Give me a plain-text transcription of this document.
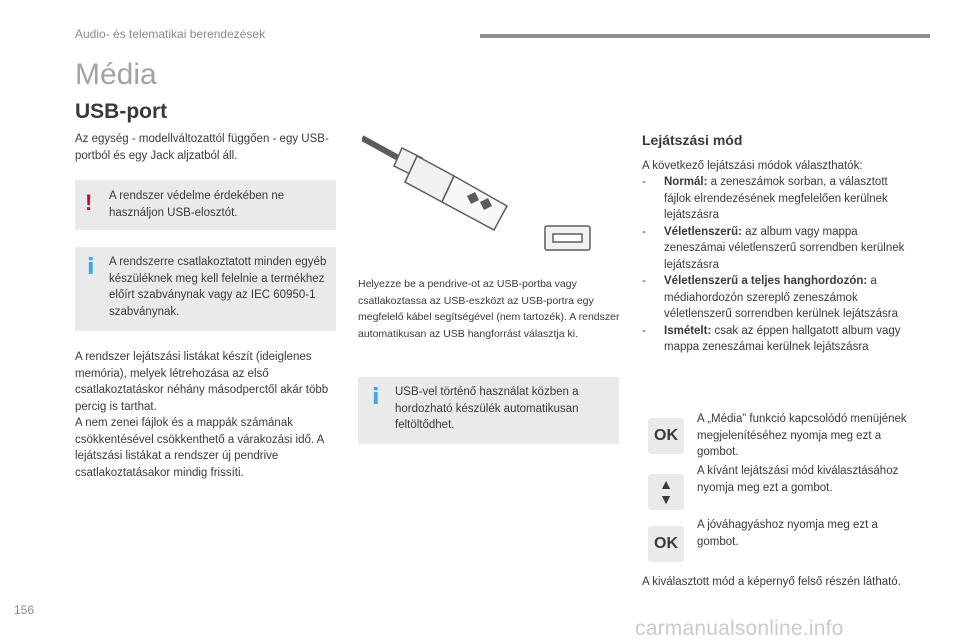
Audio- és telematikai berendezések
Média
USB-port
Az egység - modellváltozattól függően - egy USB-portból és egy Jack aljzatból áll.
! A rendszer védelme érdekében ne használjon USB-elosztót.
i A rendszerre csatlakoztatott minden egyéb készüléknek meg kell felelnie a termékhez előírt szabványnak vagy az IEC 60950-1 szabványnak.
A rendszer lejátszási listákat készít (ideiglenes memória), melyek létrehozása az első csatlakoztatáskor néhány másodperctől akár több percig is tarthat.
A nem zenei fájlok és a mappák számának csökkentésével csökkenthető a várakozási idő. A lejátszási listákat a rendszer új pendrive csatlakoztatásakor mindig frissíti.
Helyezze be a pendrive-ot az USB-portba vagy csatlakoztassa az USB-eszközt az USB-portra egy megfelelő kábel segítségével (nem tartozék). A rendszer automatikusan az USB hangforrást választja ki.
i USB-vel történő használat közben a hordozható készülék automatikusan feltöltődhet.
Lejátszási mód
A következő lejátszási módok választhatók:
- Normál: a zeneszámok sorban, a választott fájlok elrendezésének megfelelően kerülnek lejátszásra
- Véletlenszerű: az album vagy mappa zeneszámai véletlenszerű sorrendben kerülnek lejátszásra
- Véletlenszerű a teljes hanghordozón: a médiahordozón szereplő zeneszámok véletlenszerű sorrendben kerülnek lejátszásra
- Ismételt: csak az éppen hallgatott album vagy mappa zeneszámai kerülnek lejátszásra
OK
A „Média” funkció kapcsolódó menüjének megjelenítéséhez nyomja meg ezt a gombot.
▲
▼
A kívánt lejátszási mód kiválasztásához nyomja meg ezt a gombot.
OK
A jóváhagyáshoz nyomja meg ezt a gombot.
A kiválasztott mód a képernyő felső részén látható.
156
carmanualsonline.info
